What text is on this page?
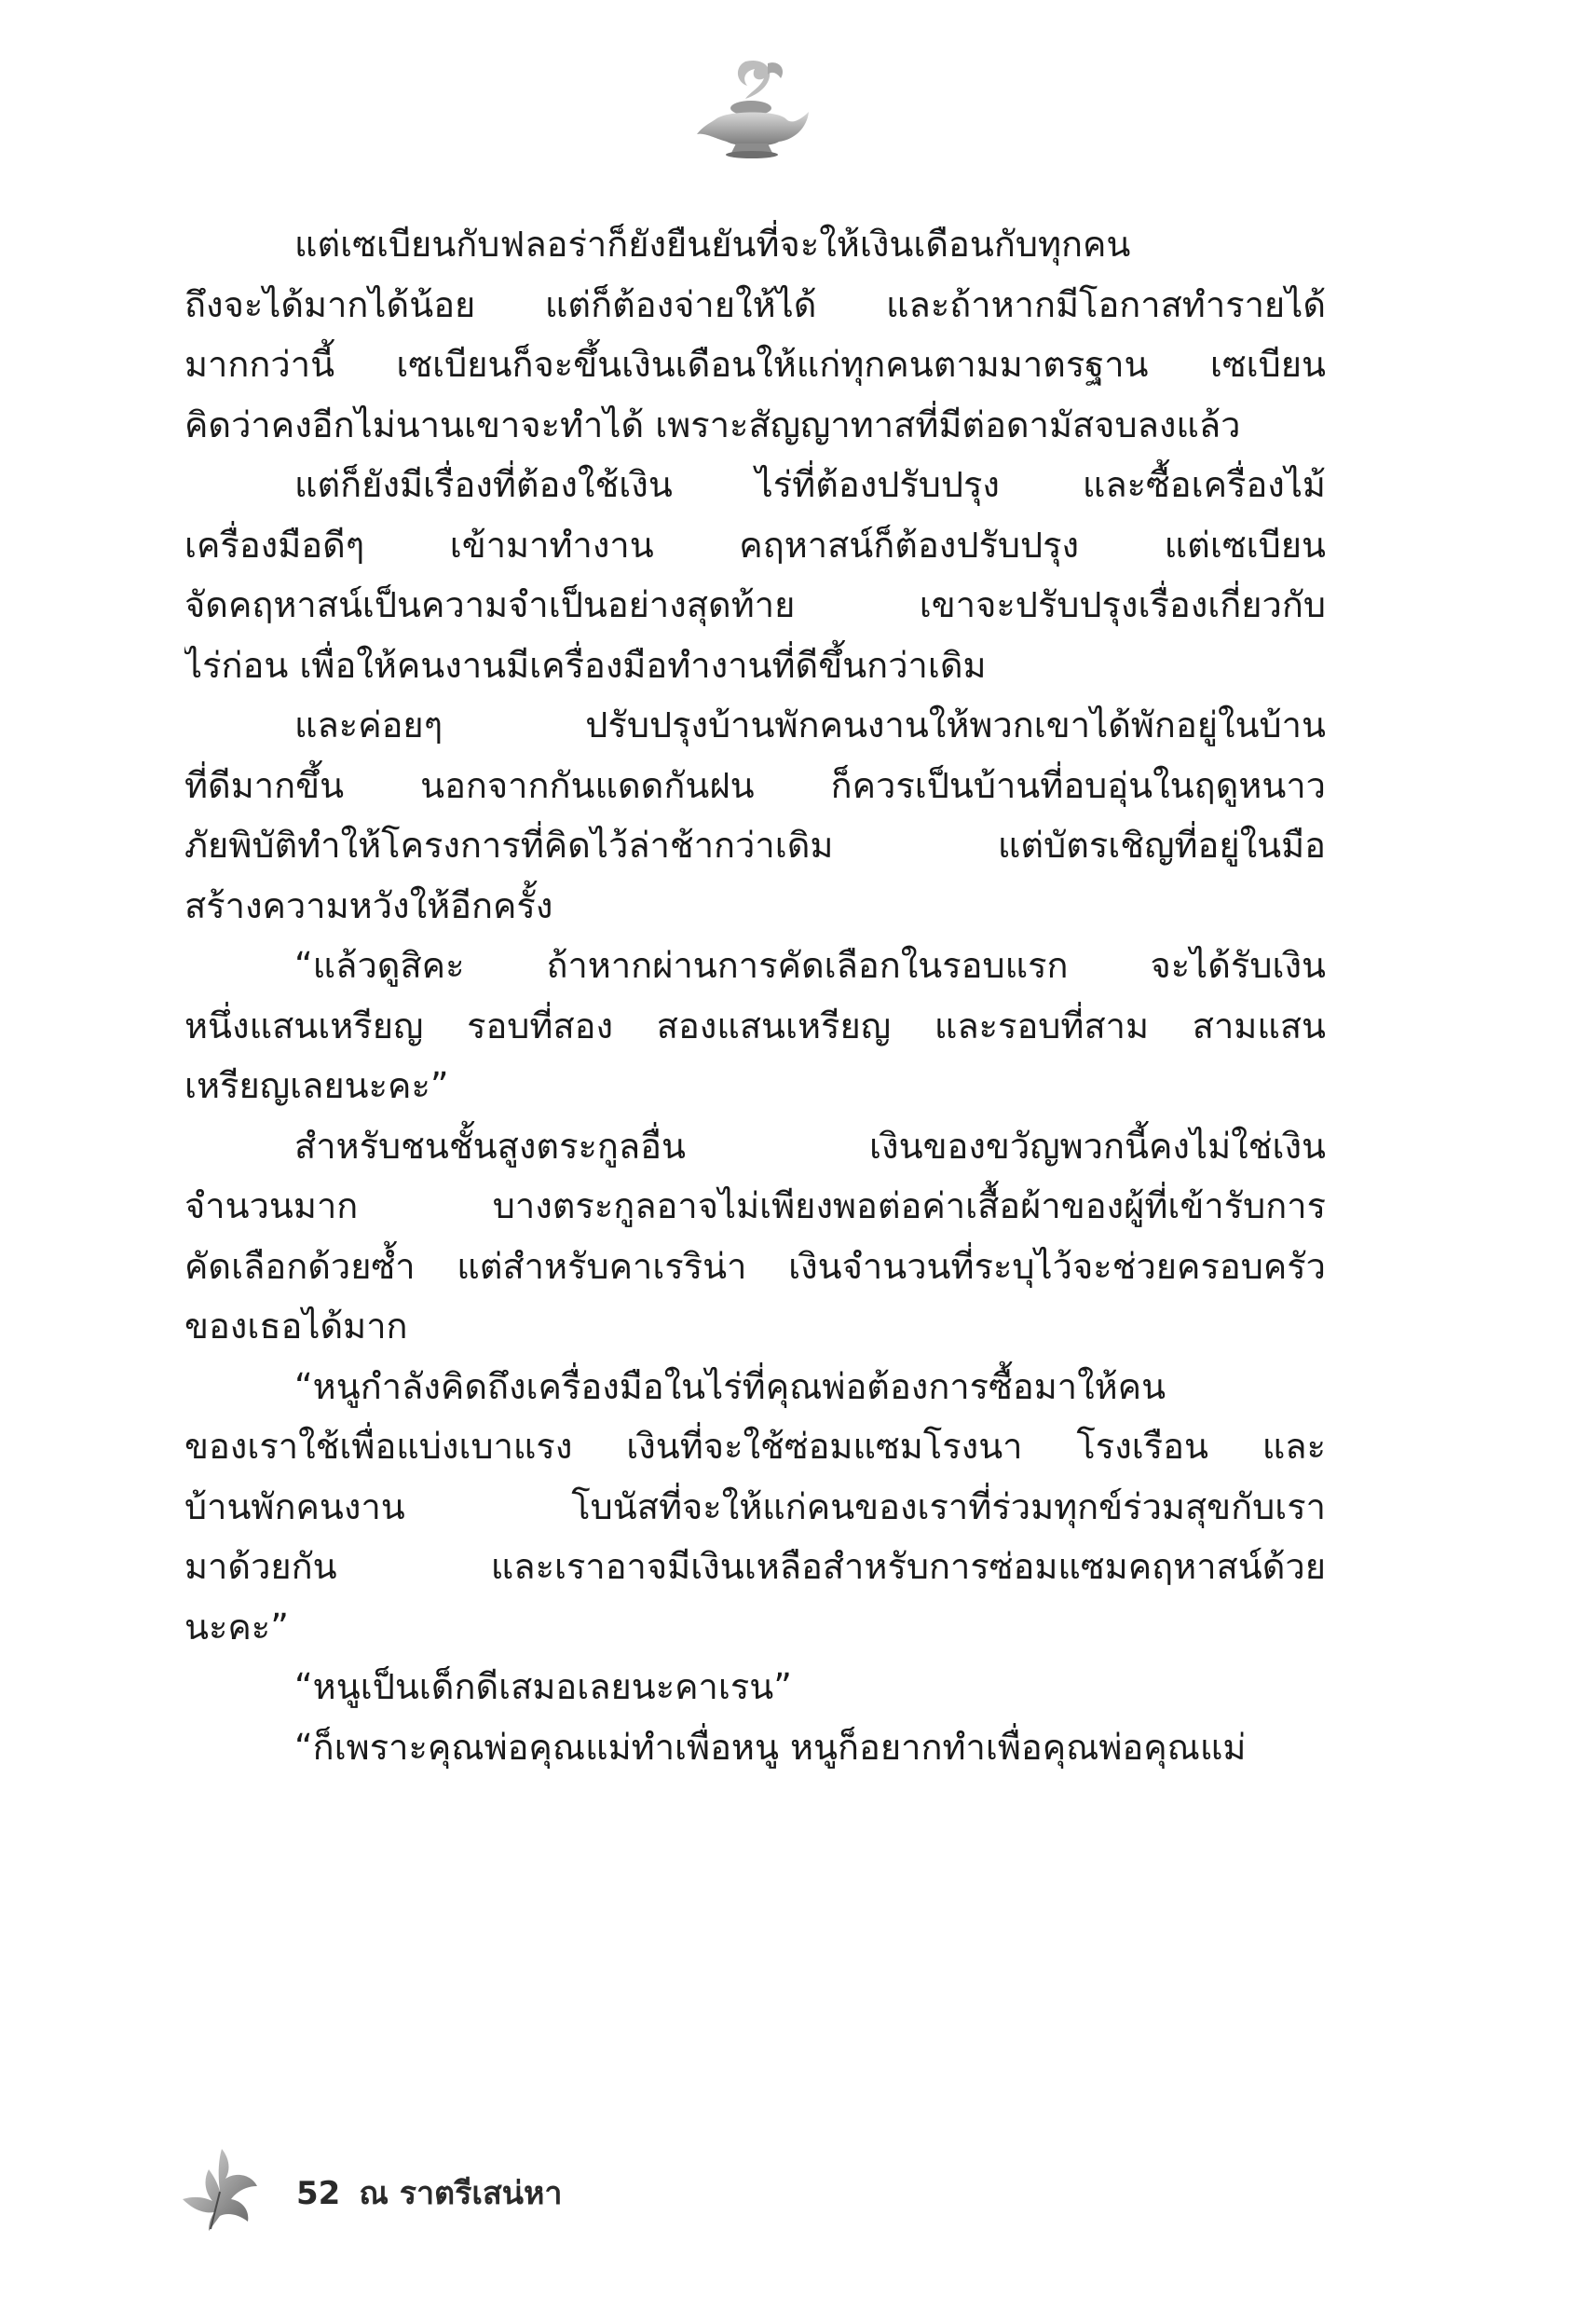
แต่เซเบียนกับฟลอร่าก็ยังยืนยันที่จะให้เงินเดือนกับทุกคน
ถึงจะได้มากได้น้อย แต่ก็ต้องจ่ายให้ได้ และถ้าหากมีโอกาสทำรายได้
มากกว่านี้ เซเบียนก็จะขึ้นเงินเดือนให้แก่ทุกคนตามมาตรฐาน เซเบียน
คิดว่าคงอีกไม่นานเขาจะทำได้ เพราะสัญญาทาสที่มีต่อดามัสจบลงแล้ว
แต่ก็ยังมีเรื่องที่ต้องใช้เงิน ไร่ที่ต้องปรับปรุง และซื้อเครื่องไม้
เครื่องมือดีๆ เข้ามาทำงาน คฤหาสน์ก็ต้องปรับปรุง แต่เซเบียน
จัดคฤหาสน์เป็นความจำเป็นอย่างสุดท้าย เขาจะปรับปรุงเรื่องเกี่ยวกับ
ไร่ก่อน เพื่อให้คนงานมีเครื่องมือทำงานที่ดีขึ้นกว่าเดิม
และค่อยๆ ปรับปรุงบ้านพักคนงานให้พวกเขาได้พักอยู่ในบ้าน
ที่ดีมากขึ้น นอกจากกันแดดกันฝน ก็ควรเป็นบ้านที่อบอุ่นในฤดูหนาว
ภัยพิบัติทำให้โครงการที่คิดไว้ล่าช้ากว่าเดิม แต่บัตรเชิญที่อยู่ในมือ
สร้างความหวังให้อีกครั้ง
“แล้วดูสิคะ ถ้าหากผ่านการคัดเลือกในรอบแรก จะได้รับเงิน
หนึ่งแสนเหรียญ รอบที่สอง สองแสนเหรียญ และรอบที่สาม สามแสน
เหรียญเลยนะคะ”
สำหรับชนชั้นสูงตระกูลอื่น เงินของขวัญพวกนี้คงไม่ใช่เงิน
จำนวนมาก บางตระกูลอาจไม่เพียงพอต่อค่าเสื้อผ้าของผู้ที่เข้ารับการ
คัดเลือกด้วยซ้ำ แต่สำหรับคาเรริน่า เงินจำนวนที่ระบุไว้จะช่วยครอบครัว
ของเธอได้มาก
“หนูกำลังคิดถึงเครื่องมือในไร่ที่คุณพ่อต้องการซื้อมาให้คน
ของเราใช้เพื่อแบ่งเบาแรง เงินที่จะใช้ซ่อมแซมโรงนา โรงเรือน และ
บ้านพักคนงาน โบนัสที่จะให้แก่คนของเราที่ร่วมทุกข์ร่วมสุขกับเรา
มาด้วยกัน และเราอาจมีเงินเหลือสำหรับการซ่อมแซมคฤหาสน์ด้วย
นะคะ”
“หนูเป็นเด็กดีเสมอเลยนะคาเรน”
“ก็เพราะคุณพ่อคุณแม่ทำเพื่อหนู หนูก็อยากทำเพื่อคุณพ่อคุณแม่
52 ณ ราตรีเสน่หา
